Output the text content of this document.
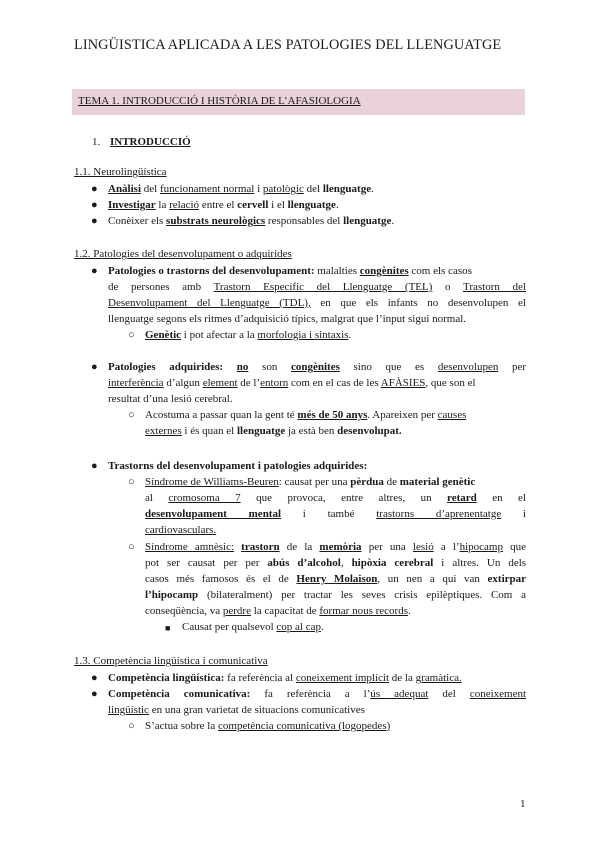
LINGÜISTICA APLICADA A LES PATOLOGIES DEL LLENGUATGE
TEMA 1. INTRODUCCIÓ I HISTÒRIA DE L’AFASIOLOGIA
1. INTRODUCCIÓ
1.1. Neurolingüística
● Anàlisi del funcionament normal i patològic del llenguatge.
● Investigar la relació entre el cervell i el llenguatge.
● Conèixer els substrats neurològics responsables del llenguatge.
1.2. Patologies del desenvolupament o adquirides
● Patologies o trastorns del desenvolupament: malalties congènites com els casos
de persones amb Trastorn Específic del Llenguatge (TEL) o Trastorn del
Desenvolupament del Llenguatge (TDL), en que els infants no desenvolupen el
llenguatge segons els ritmes d’adquisició típics, malgrat que l’input sigui normal.
○ Genètic i pot afectar a la morfologia i sintaxis.
● Patologies adquirides: no son congènites sino que es desenvolupen per
interferència d’algun element de l’entorn com en el cas de les AFÀSIES, que son el
resultat d’una lesió cerebral.
○ Acostuma a passar quan la gent té més de 50 anys. Apareixen per causes
externes i és quan el llenguatge ja està ben desenvolupat.
● Trastorns del desenvolupament i patologies adquirides:
○ Síndrome de Williams-Beuren: causat per una pèrdua de material genètic
al cromosoma 7 que provoca, entre altres, un retard en el
desenvolupament mental i també trastorns d’aprenentatge i
cardiovasculars.
○ Síndrome amnèsic: trastorn de la memòria per una lesió a l’hipocamp que
pot ser causat per per abús d’alcohol, hipòxia cerebral i altres. Un dels
casos més famosos és el de Henry Molaison, un nen a qui van extirpar
l’hipocamp (bilateralment) per tractar les seves crisis epilèptiques. Com a
conseqüència, va perdre la capacitat de formar nous records.
■ Causat per qualsevol cop al cap.
1.3. Competència lingüística i comunicativa
● Competència lingüística: fa referència al coneixement implícit de la gramàtica.
● Competència comunicativa: fa referència a l’ús adequat del coneixement
lingüístic en una gran varietat de situacions comunicatives
○ S’actua sobre la competència comunicativa (logopedes)
1
